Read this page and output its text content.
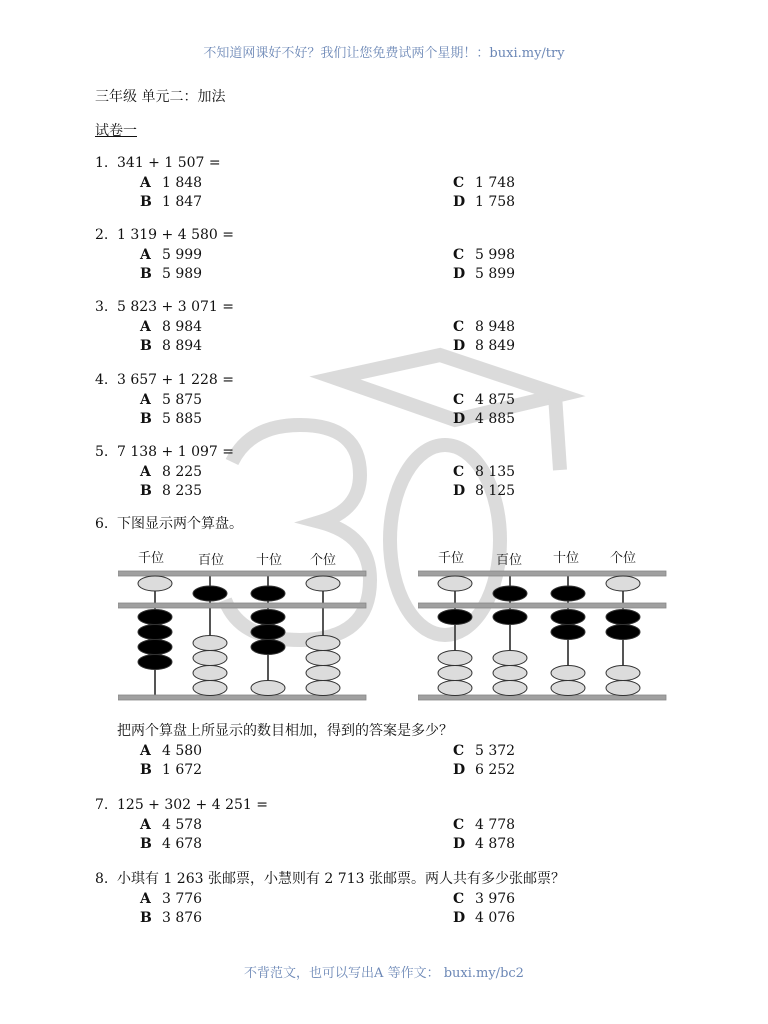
不知道网课好不好？我们让您免费试两个星期！：buxi.my/try
三年级 单元二：加法
试卷一
1. 341 + 1 507 =
A 1 848
B 1 847
C 1 748
D 1 758
2. 1 319 + 4 580 =
A 5 999
B 5 989
C 5 998
D 5 899
3. 5 823 + 3 071 =
A 8 984
B 8 894
C 8 948
D 8 849
4. 3 657 + 1 228 =
A 5 875
B 5 885
C 4 875
D 4 885
5. 7 138 + 1 097 =
A 8 225
B 8 235
C 8 135
D 8 125
6. 下图显示两个算盘。
千位	百位 十位 个位	千位 百位 十位 个位
把两个算盘上所显示的数目相加，得到的答案是多少？
A 4 580
B 1 672
C 5 372
D 6 252
7. 125 + 302 + 4 251 =
A 4 578
B 4 678
C 4 778
D 4 878
8. 小琪有 1 263 张邮票，小慧则有 2 713 张邮票。两人共有多少张邮票？
A 3 776
B 3 876
C 3 976
D 4 076
不背范文，也可以写出A 等作文： buxi.my/bc2
